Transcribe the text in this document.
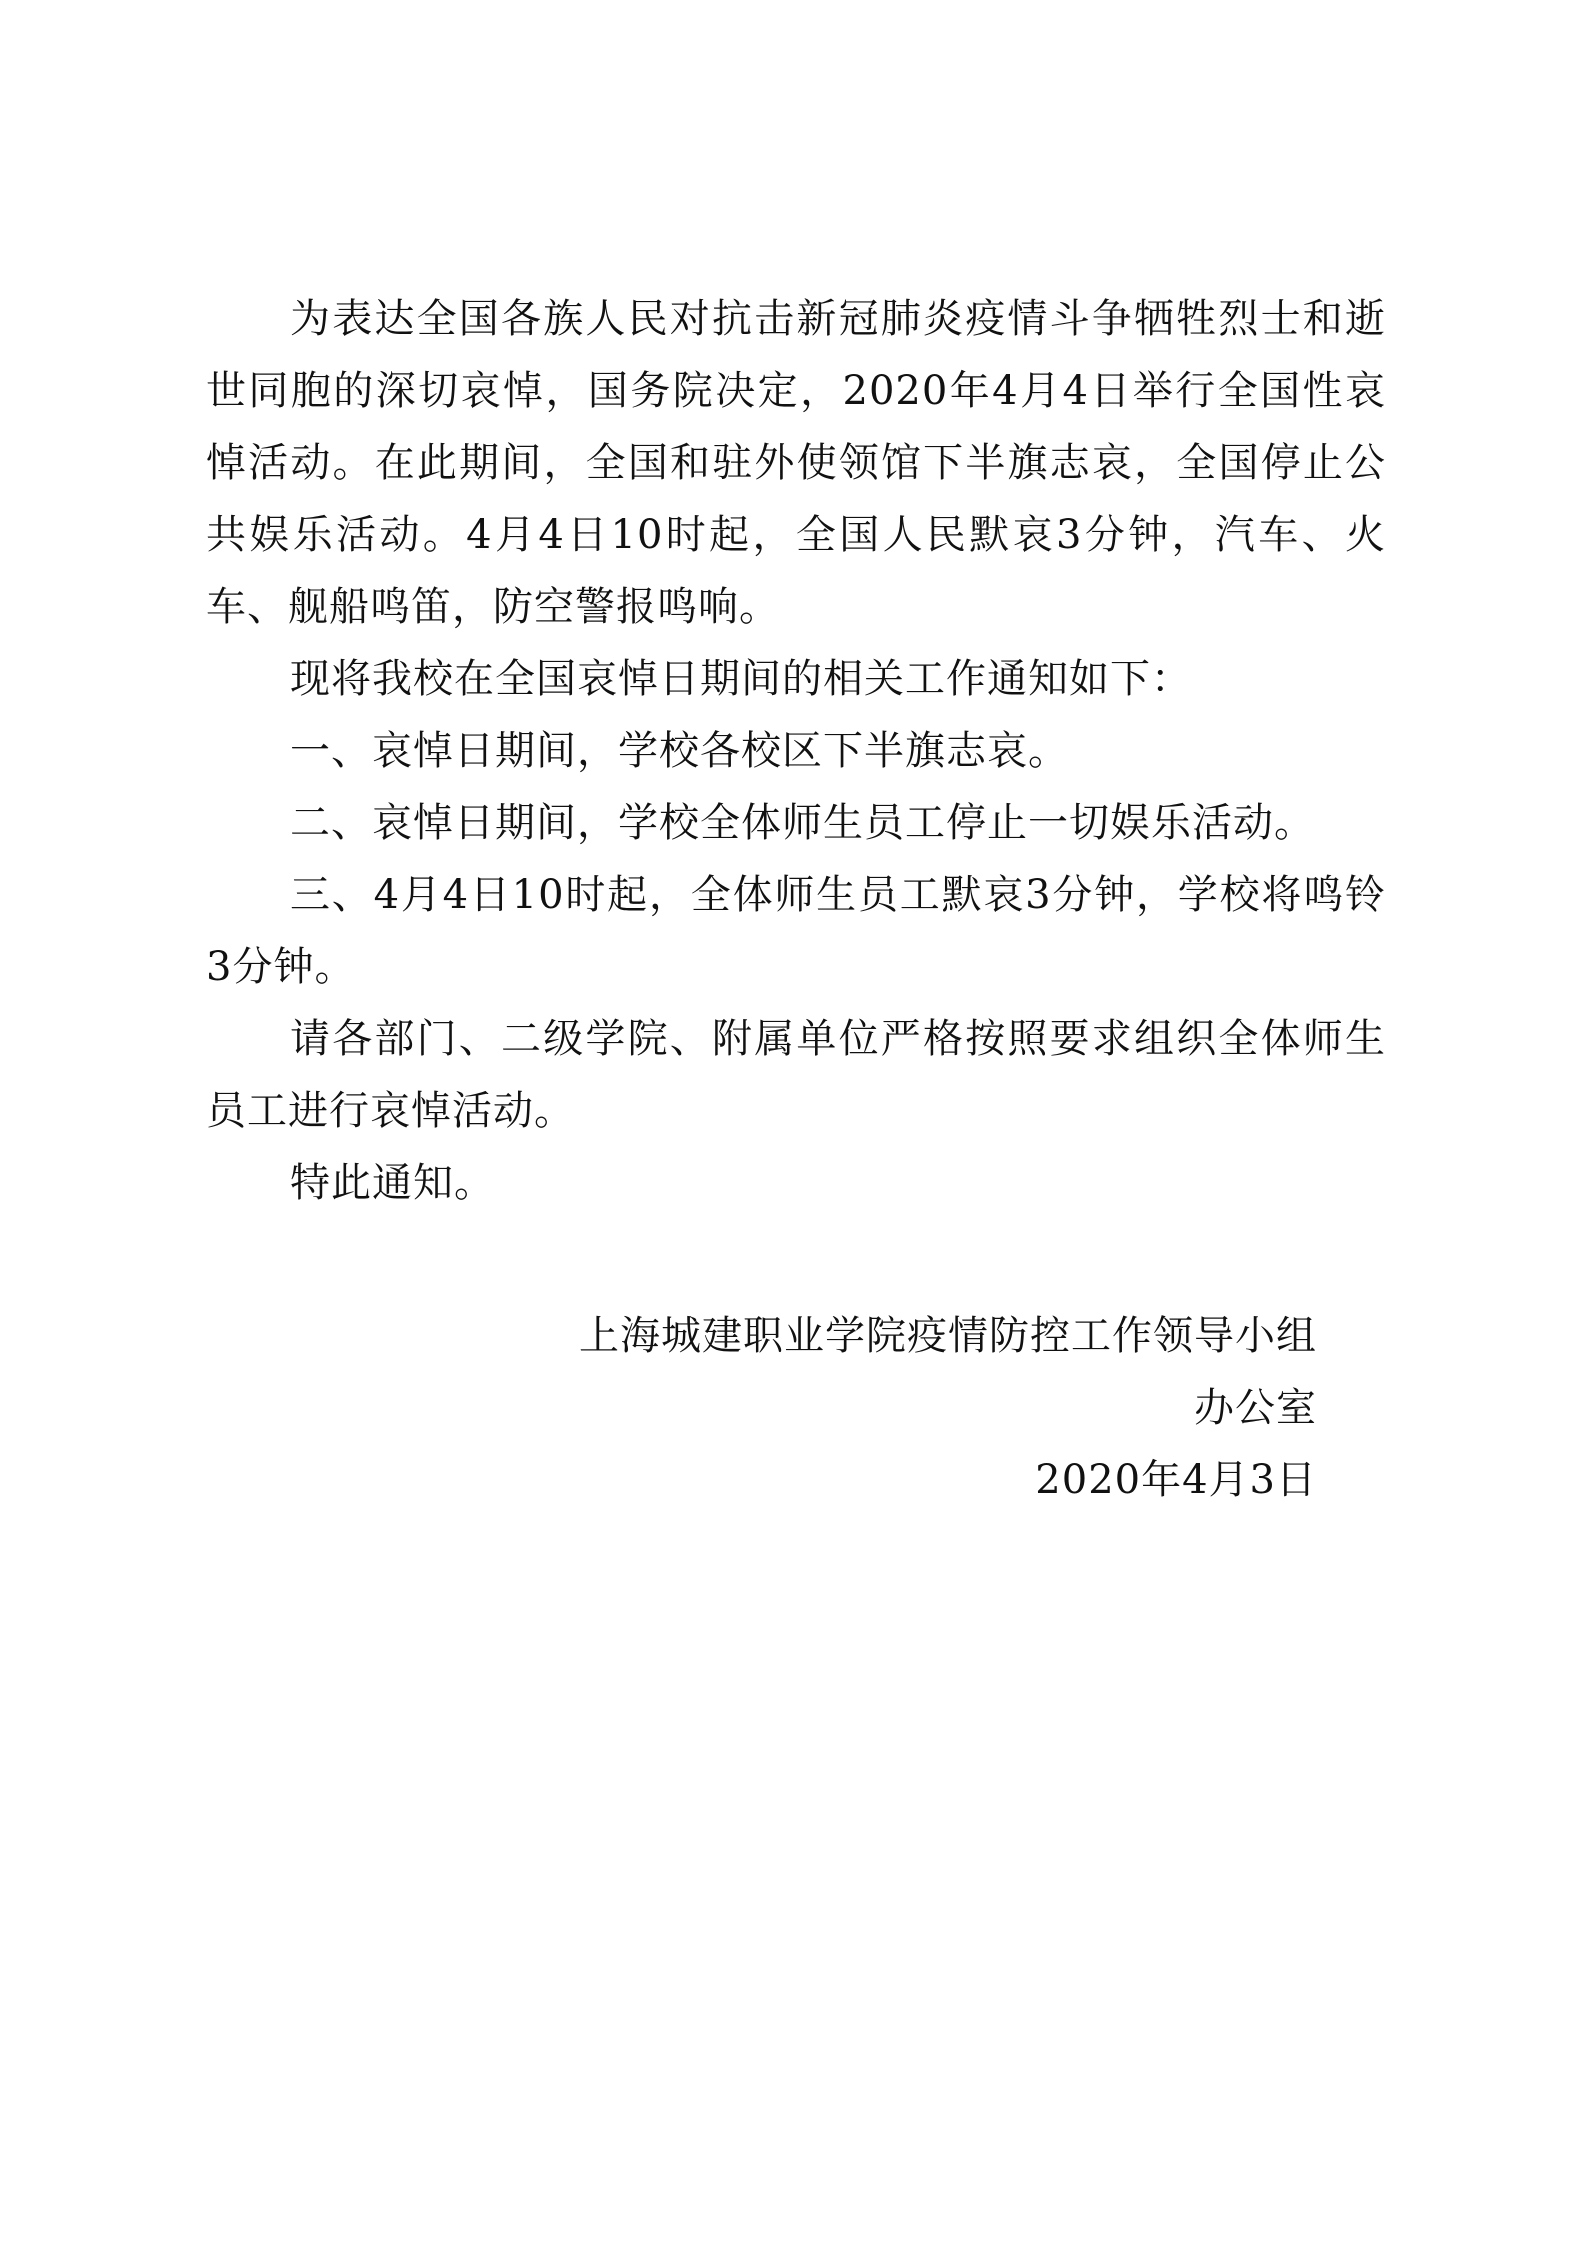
为表达全国各族人民对抗击新冠肺炎疫情斗争牺牲烈士和逝世同胞的深切哀悼，国务院决定，2020年4月4日举行全国性哀悼活动。在此期间，全国和驻外使领馆下半旗志哀，全国停止公共娱乐活动。4月4日10时起，全国人民默哀3分钟，汽车、火车、舰船鸣笛，防空警报鸣响。

现将我校在全国哀悼日期间的相关工作通知如下：

一、哀悼日期间，学校各校区下半旗志哀。

二、哀悼日期间，学校全体师生员工停止一切娱乐活动。

三、4月4日10时起，全体师生员工默哀3分钟，学校将鸣铃3分钟。

请各部门、二级学院、附属单位严格按照要求组织全体师生员工进行哀悼活动。

特此通知。

上海城建职业学院疫情防控工作领导小组
办公室
2020年4月3日
